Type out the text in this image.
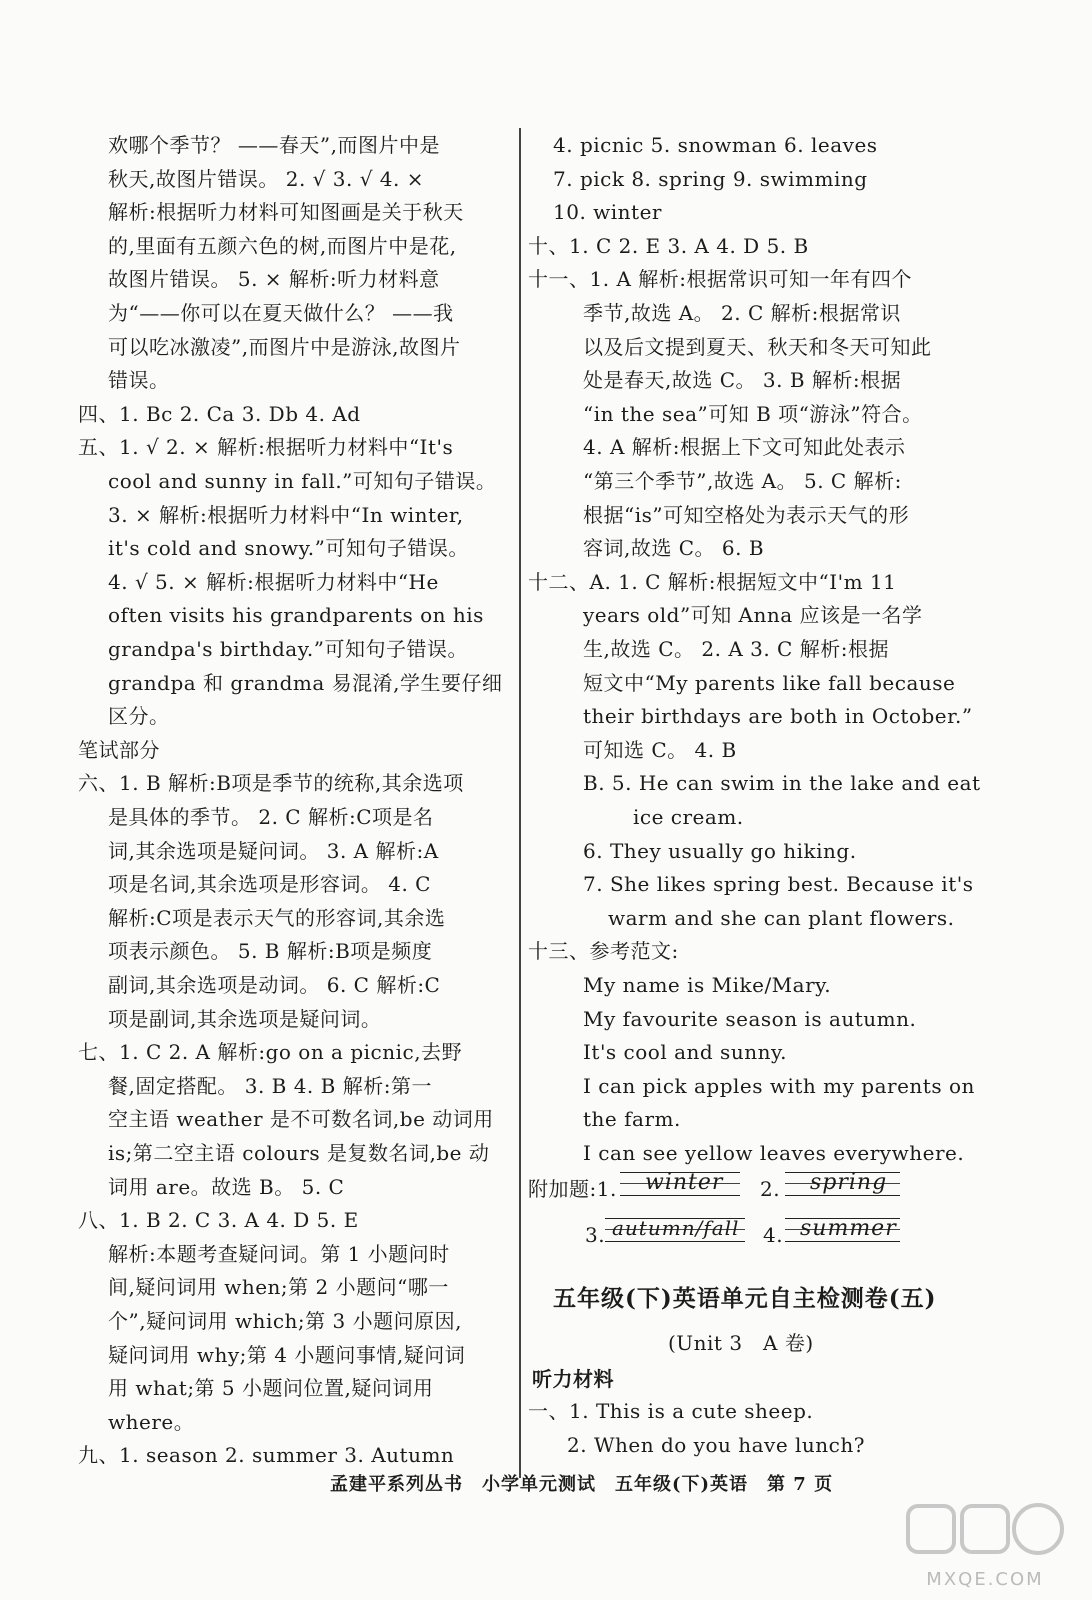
欢哪个季节？ ——春天”,而图片中是
秋天,故图片错误。 2. √ 3. √ 4. ×
解析:根据听力材料可知图画是关于秋天
的,里面有五颜六色的树,而图片中是花,
故图片错误。 5. × 解析:听力材料意
为“——你可以在夏天做什么？ ——我
可以吃冰激凌”,而图片中是游泳,故图片
错误。
四、1. Bc 2. Ca 3. Db 4. Ad
五、1. √ 2. × 解析:根据听力材料中“It's
cool and sunny in fall.”可知句子错误。
3. × 解析:根据听力材料中“In winter,
it's cold and snowy.”可知句子错误。
4. √ 5. × 解析:根据听力材料中“He
often visits his grandparents on his
grandpa's birthday.”可知句子错误。
grandpa 和 grandma 易混淆,学生要仔细
区分。
笔试部分
六、1. B 解析:B项是季节的统称,其余选项
是具体的季节。 2. C 解析:C项是名
词,其余选项是疑问词。 3. A 解析:A
项是名词,其余选项是形容词。 4. C
解析:C项是表示天气的形容词,其余选
项表示颜色。 5. B 解析:B项是频度
副词,其余选项是动词。 6. C 解析:C
项是副词,其余选项是疑问词。
七、1. C 2. A 解析:go on a picnic,去野
餐,固定搭配。 3. B 4. B 解析:第一
空主语 weather 是不可数名词,be 动词用
is;第二空主语 colours 是复数名词,be 动
词用 are。故选 B。 5. C
八、1. B 2. C 3. A 4. D 5. E
解析:本题考查疑问词。第 1 小题问时
间,疑问词用 when;第 2 小题问“哪一
个”,疑问词用 which;第 3 小题问原因,
疑问词用 why;第 4 小题问事情,疑问词
用 what;第 5 小题问位置,疑问词用
where。
九、1. season 2. summer 3. Autumn
4. picnic 5. snowman 6. leaves
7. pick 8. spring 9. swimming
10. winter
十、1. C 2. E 3. A 4. D 5. B
十一、1. A 解析:根据常识可知一年有四个
季节,故选 A。 2. C 解析:根据常识
以及后文提到夏天、秋天和冬天可知此
处是春天,故选 C。 3. B 解析:根据
“in the sea”可知 B 项“游泳”符合。
4. A 解析:根据上下文可知此处表示
“第三个季节”,故选 A。 5. C 解析:
根据“is”可知空格处为表示天气的形
容词,故选 C。 6. B
十二、A. 1. C 解析:根据短文中“I'm 11
years old”可知 Anna 应该是一名学
生,故选 C。 2. A 3. C 解析:根据
短文中“My parents like fall because
their birthdays are both in October.”
可知选 C。 4. B
B. 5. He can swim in the lake and eat
ice cream.
6. They usually go hiking.
7. She likes spring best. Because it's
warm and she can plant flowers.
十三、参考范文:
My name is Mike/Mary.
My favourite season is autumn.
It's cool and sunny.
I can pick apples with my parents on
the farm.
I can see yellow leaves everywhere.
附加题:1. winter 2. spring
3. autumn/fall 4. summer
五年级(下)英语单元自主检测卷(五)
(Unit 3　A 卷)
听力材料
一、1. This is a cute sheep.
2. When do you have lunch?
孟建平系列丛书　小学单元测试　五年级(下)英语　第 7 页
MXQE.COM
